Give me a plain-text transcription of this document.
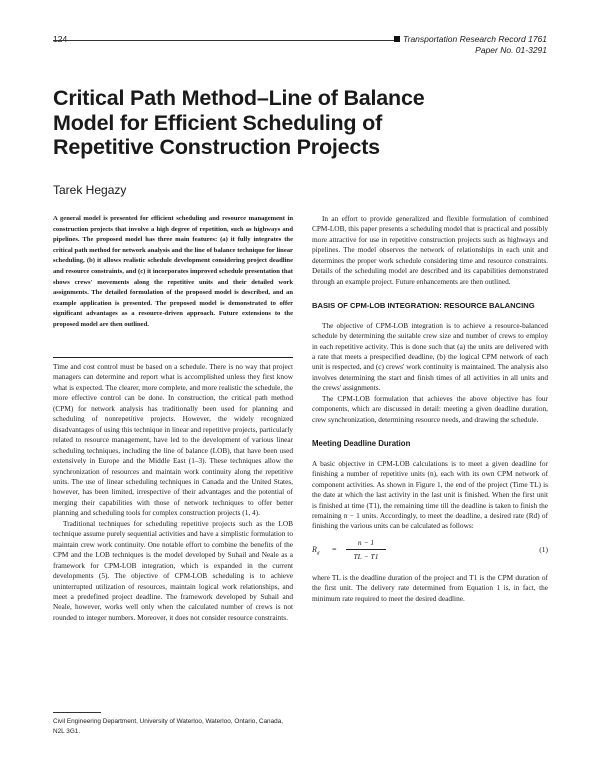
124	Transportation Research Record 1761
Paper No. 01-3291
Critical Path Method–Line of Balance Model for Efficient Scheduling of Repetitive Construction Projects
Tarek Hegazy

A general model is presented for efficient scheduling and resource management in construction projects that involve a high degree of repetition, such as highways and pipelines. The proposed model has three main features: (a) it fully integrates the critical path method for network analysis and the line of balance technique for linear scheduling, (b) it allows realistic schedule development considering project deadline and resource constraints, and (c) it incorporates improved schedule presentation that shows crews' movements along the repetitive units and their detailed work assignments. The detailed formulation of the proposed model is described, and an example application is presented. The proposed model is demonstrated to offer significant advantages as a resource-driven approach. Future extensions to the proposed model are then outlined.

Time and cost control must be based on a schedule. There is no way that project managers can determine and report what is accomplished unless they first know what is expected. The clearer, more complete, and more realistic the schedule, the more effective control can be done. In construction, the critical path method (CPM) for network analysis has traditionally been used for planning and scheduling of nonrepetitive projects. However, the widely recognized disadvantages of using this technique in linear and repetitive projects, particularly related to resource management, have led to the development of various linear scheduling techniques, including the line of balance (LOB), that have been used extensively in Europe and the Middle East (1–3). These techniques allow the synchronization of resources and maintain work continuity along the repetitive units. The use of linear scheduling techniques in Canada and the United States, however, has been limited, irrespective of their advantages and the potential of merging their capabilities with those of network techniques to offer better planning and scheduling tools for complex construction projects (1, 4).

Traditional techniques for scheduling repetitive projects such as the LOB technique assume purely sequential activities and have a simplistic formulation to maintain crew work continuity. One notable effort to combine the benefits of the CPM and the LOB techniques is the model developed by Suhail and Neale as a framework for CPM-LOB integration, which is expanded in the current developments (5). The objective of CPM-LOB scheduling is to achieve uninterrupted utilization of resources, maintain logical work relationships, and meet a predefined project deadline. The framework developed by Suhail and Neale, however, works well only when the calculated number of crews is not rounded to integer numbers. Moreover, it does not consider resource constraints.

In an effort to provide generalized and flexible formulation of combined CPM-LOB, this paper presents a scheduling model that is practical and possibly more attractive for use in repetitive construction projects such as highways and pipelines. The model observes the network of relationships in each unit and determines the proper work schedule considering time and resource constraints. Details of the scheduling model are described and its capabilities demonstrated through an example project. Future enhancements are then outlined.

BASIS OF CPM-LOB INTEGRATION: RESOURCE BALANCING

The objective of CPM-LOB integration is to achieve a resource-balanced schedule by determining the suitable crew size and number of crews to employ in each repetitive activity. This is done such that (a) the units are delivered with a rate that meets a prespecified deadline, (b) the logical CPM network of each unit is respected, and (c) crews' work continuity is maintained. The analysis also involves determining the start and finish times of all activities in all units and the crews' assignments.

The CPM-LOB formulation that achieves the above objective has four components, which are discussed in detail: meeting a given deadline duration, crew synchronization, determining resource needs, and drawing the schedule.

Meeting Deadline Duration

A basic objective in CPM-LOB calculations is to meet a given deadline for finishing a number of repetitive units (n), each with its own CPM network of component activities. As shown in Figure 1, the end of the project (Time TL) is the date at which the last activity in the last unit is finished. When the first unit is finished at time (T1), the remaining time till the deadline is taken to finish the remaining n − 1 units. Accordingly, to meet the deadline, a desired rate (Rd) of finishing the various units can be calculated as follows:

$R_d$
=
n − 1
TL − T1
(1)

where TL is the deadline duration of the project and T1 is the CPM duration of the first unit. The delivery rate determined from Equation 1 is, in fact, the minimum rate required to meet the desired deadline.

Civil Engineering Department, University of Waterloo, Waterloo, Ontario, Canada, N2L 3G1.
